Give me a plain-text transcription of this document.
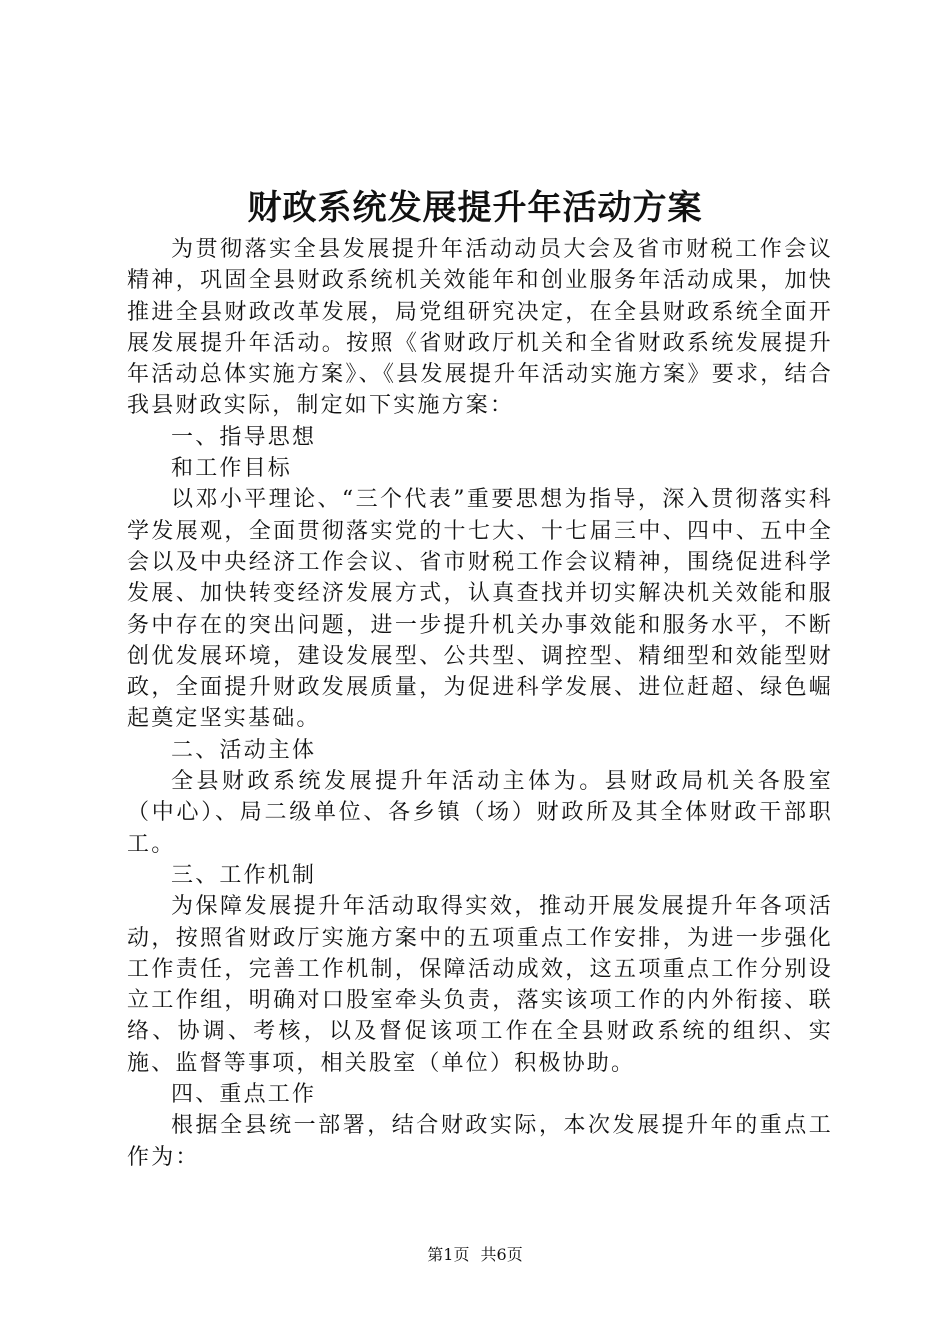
财政系统发展提升年活动方案

为贯彻落实全县发展提升年活动动员大会及省市财税工作会议精神，巩固全县财政系统机关效能年和创业服务年活动成果，加快推进全县财政改革发展，局党组研究决定，在全县财政系统全面开展发展提升年活动。按照《省财政厅机关和全省财政系统发展提升年活动总体实施方案》、《县发展提升年活动实施方案》要求，结合我县财政实际，制定如下实施方案：

一、指导思想

和工作目标

以邓小平理论、“三个代表”重要思想为指导，深入贯彻落实科学发展观，全面贯彻落实党的十七大、十七届三中、四中、五中全会以及中央经济工作会议、省市财税工作会议精神，围绕促进科学发展、加快转变经济发展方式，认真查找并切实解决机关效能和服务中存在的突出问题，进一步提升机关办事效能和服务水平，不断创优发展环境，建设发展型、公共型、调控型、精细型和效能型财政，全面提升财政发展质量，为促进科学发展、进位赶超、绿色崛起奠定坚实基础。

二、活动主体

全县财政系统发展提升年活动主体为。县财政局机关各股室（中心）、局二级单位、各乡镇（场）财政所及其全体财政干部职工。

三、工作机制

为保障发展提升年活动取得实效，推动开展发展提升年各项活动，按照省财政厅实施方案中的五项重点工作安排，为进一步强化工作责任，完善工作机制，保障活动成效，这五项重点工作分别设立工作组，明确对口股室牵头负责，落实该项工作的内外衔接、联络、协调、考核，以及督促该项工作在全县财政系统的组织、实施、监督等事项，相关股室（单位）积极协助。

四、重点工作

根据全县统一部署，结合财政实际，本次发展提升年的重点工作为：

第1页 共6页
